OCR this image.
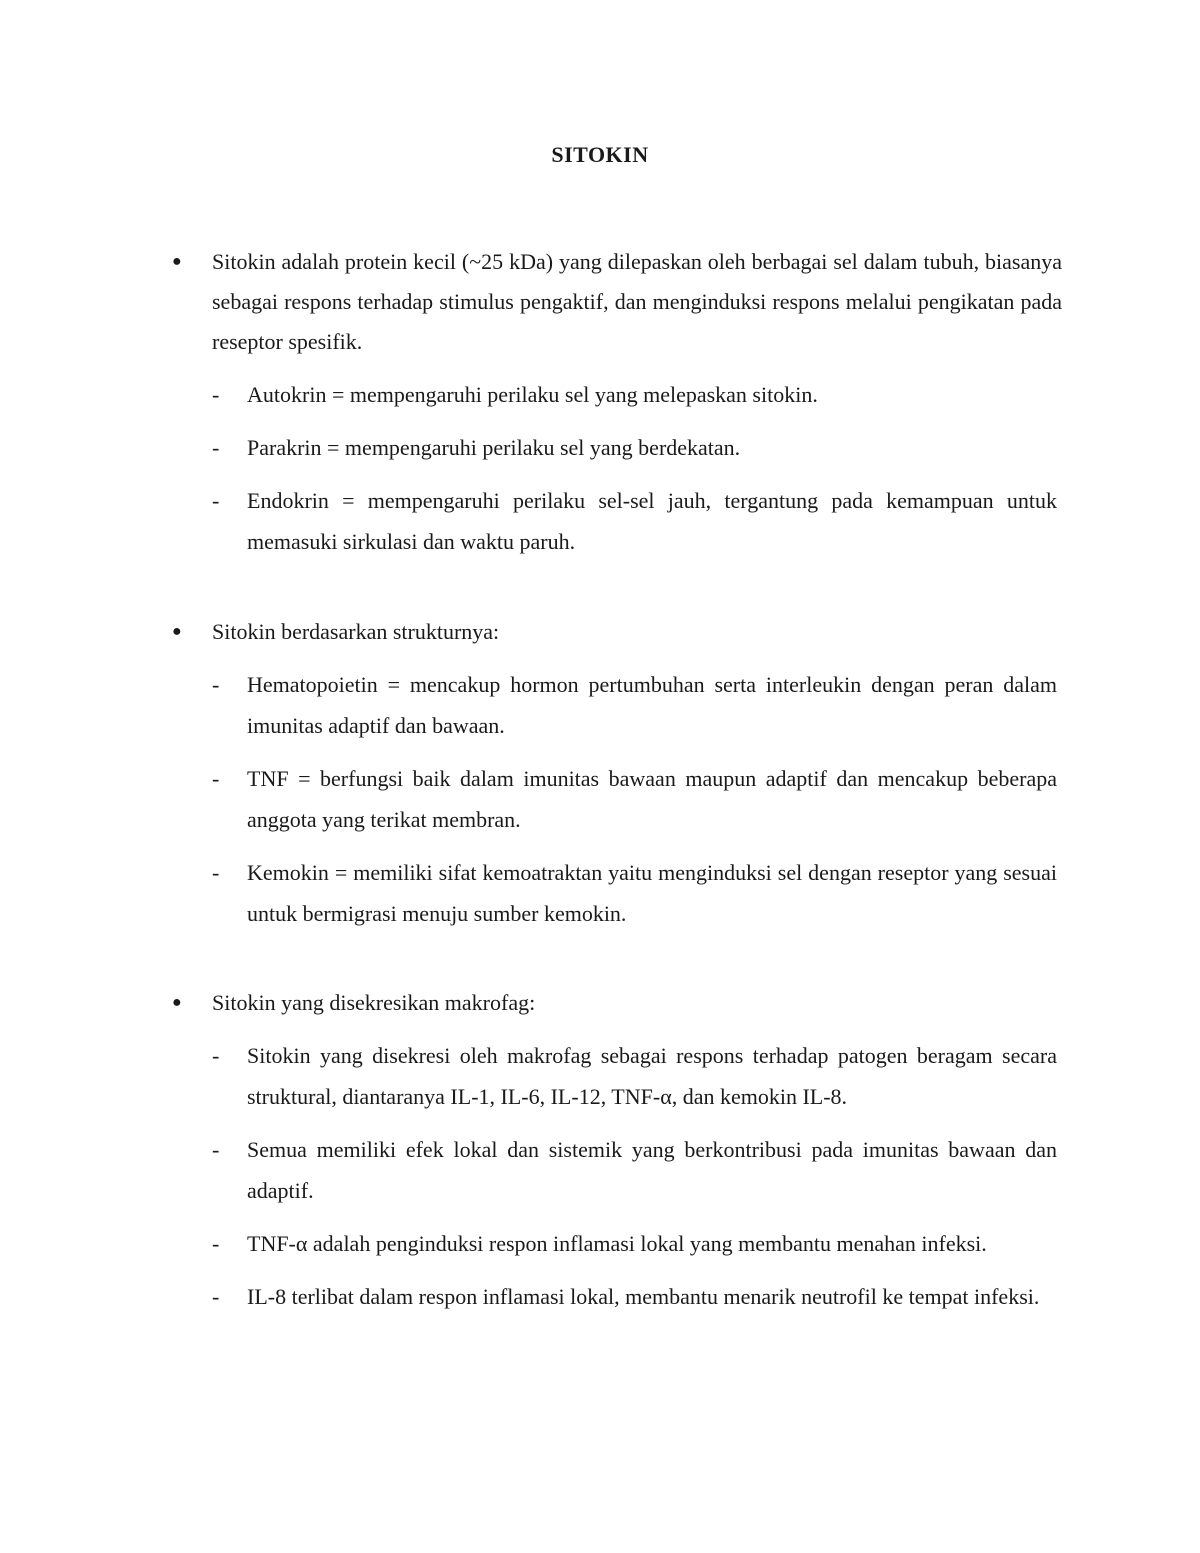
SITOKIN
●	Sitokin adalah protein kecil (~25 kDa) yang dilepaskan oleh berbagai sel dalam tubuh, biasanya sebagai respons terhadap stimulus pengaktif, dan menginduksi respons melalui pengikatan pada reseptor spesifik.
-	Autokrin = mempengaruhi perilaku sel yang melepaskan sitokin.
-	Parakrin = mempengaruhi perilaku sel yang berdekatan.
-	Endokrin = mempengaruhi perilaku sel-sel jauh, tergantung pada kemampuan untuk memasuki sirkulasi dan waktu paruh.
●	Sitokin berdasarkan strukturnya:
-	Hematopoietin = mencakup hormon pertumbuhan serta interleukin dengan peran dalam imunitas adaptif dan bawaan.
-	TNF = berfungsi baik dalam imunitas bawaan maupun adaptif dan mencakup beberapa anggota yang terikat membran.
-	Kemokin = memiliki sifat kemoatraktan yaitu menginduksi sel dengan reseptor yang sesuai untuk bermigrasi menuju sumber kemokin.
●	Sitokin yang disekresikan makrofag:
-	Sitokin yang disekresi oleh makrofag sebagai respons terhadap patogen beragam secara struktural, diantaranya IL-1, IL-6, IL-12, TNF-α, dan kemokin IL-8.
-	Semua memiliki efek lokal dan sistemik yang berkontribusi pada imunitas bawaan dan adaptif.
-	TNF-α adalah penginduksi respon inflamasi lokal yang membantu menahan infeksi.
-	IL-8 terlibat dalam respon inflamasi lokal, membantu menarik neutrofil ke tempat infeksi.
